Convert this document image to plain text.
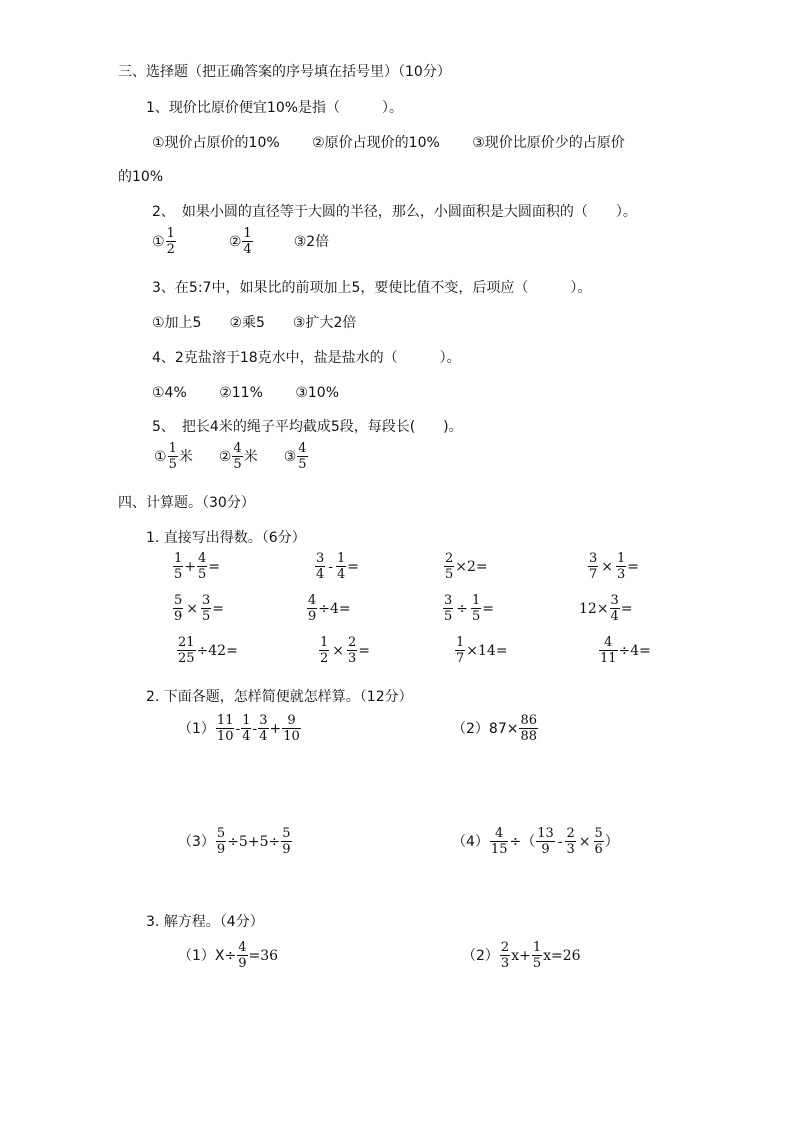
三、选择题（把正确答案的序号填在括号里）（10分）
1、现价比原价便宜10%是指（　　　）。
①现价占原价的10%　　 ②原价占现价的10%　　 ③现价比原价少的占原价
的10%
2、　如果小圆的直径等于大圆的半径，那么，小圆面积是大圆面积的（　　）。
① $\frac{1}{2}$	② $\frac{1}{4}$	③2倍
3、在5:7中，如果比的前项加上5，要使比值不变，后项应（　　　）。
①加上5　　②乘5　　③扩大2倍
4、2克盐溶于18克水中，盐是盐水的（　　　）。
①4%　　 ②11%　　 ③10%
5、　把长4米的绳子平均截成5段，每段长(　　)。
① $\frac{1}{5}$ 米 ② $\frac{4}{5}$ 米 ③ $\frac{4}{5}$
四、计算题。（30分）
1. 直接写出得数。（6分）
$\frac{1}{5} + \frac{4}{5}$ =	$\frac{3}{4} - \frac{1}{4}$ =	$\frac{2}{5} \times 2=$	$\frac{3}{7} \times \frac{1}{3}$ =
$\frac{5}{9} \times \frac{3}{5}$ =	$\frac{4}{9} \div 4=$	$\frac{3}{5} \div \frac{1}{5}$ =	$12\times \frac{3}{4}$ =
$\frac{21}{25} \div 42=$	$\frac{1}{2} \times \frac{2}{3}$ =	$\frac{1}{7} \times 14=$	$\frac{4}{11} \div 4=$
2. 下面各题，怎样简便就怎样算。（12分）
$(1) \frac{11}{10} - \frac{1}{4} - \frac{3}{4} + \frac{9}{10}$	$(2)87\times \frac{86}{88}$
$(3) \frac{5}{9} \div 5+5\div \frac{5}{9}$	$(4) \frac{4}{15}$ ÷（ $\frac{13}{9} - \frac{2}{3} \times \frac{5}{6}$ ）
3. 解方程。（4分）
$(1)X\div \frac{4}{9} =36$	$(2) \frac{2}{3} x+ \frac{1}{5} x=26$
